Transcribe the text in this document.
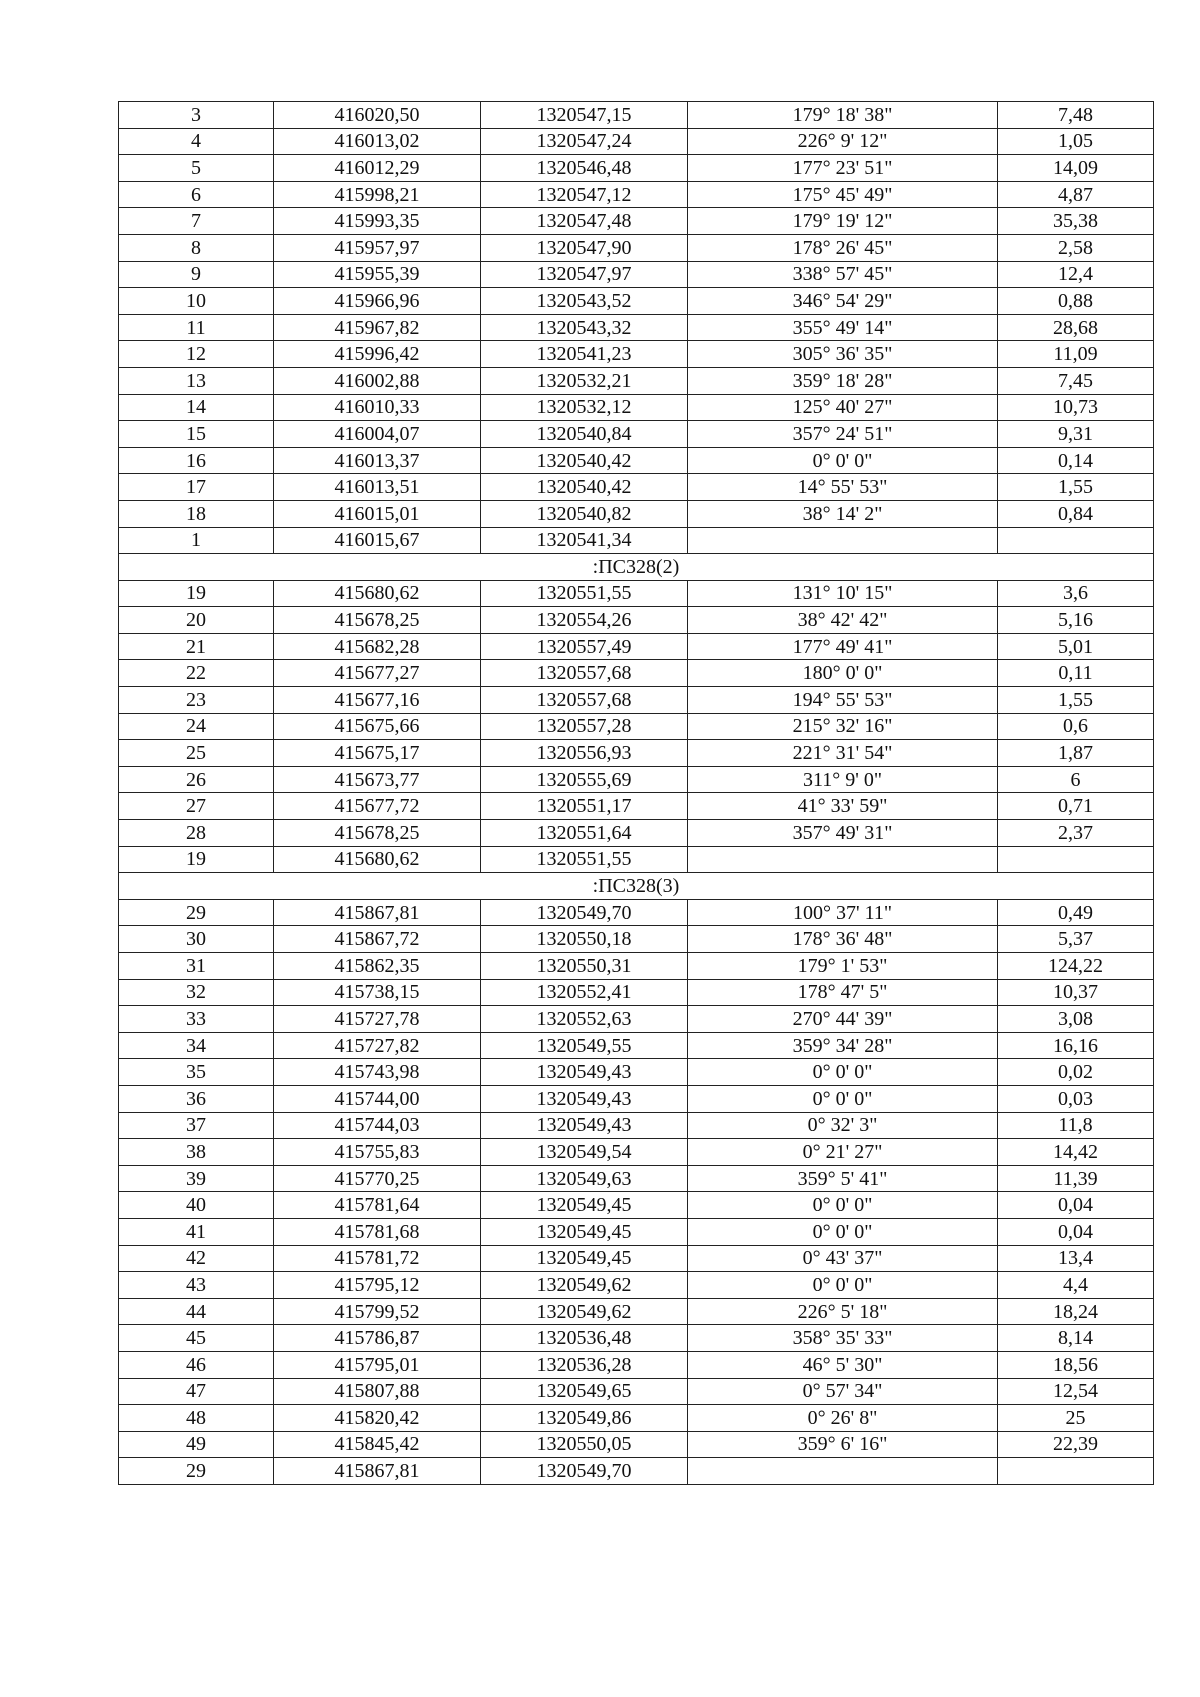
3	416020,50	1320547,15	179° 18' 38"	7,48
4	416013,02	1320547,24	226° 9' 12"	1,05
5	416012,29	1320546,48	177° 23' 51"	14,09
6	415998,21	1320547,12	175° 45' 49"	4,87
7	415993,35	1320547,48	179° 19' 12"	35,38
8	415957,97	1320547,90	178° 26' 45"	2,58
9	415955,39	1320547,97	338° 57' 45"	12,4
10	415966,96	1320543,52	346° 54' 29"	0,88
11	415967,82	1320543,32	355° 49' 14"	28,68
12	415996,42	1320541,23	305° 36' 35"	11,09
13	416002,88	1320532,21	359° 18' 28"	7,45
14	416010,33	1320532,12	125° 40' 27"	10,73
15	416004,07	1320540,84	357° 24' 51"	9,31
16	416013,37	1320540,42	0° 0' 0"	0,14
17	416013,51	1320540,42	14° 55' 53"	1,55
18	416015,01	1320540,82	38° 14' 2"	0,84
1	416015,67	1320541,34		
:ПС328(2)				
19	415680,62	1320551,55	131° 10' 15"	3,6
20	415678,25	1320554,26	38° 42' 42"	5,16
21	415682,28	1320557,49	177° 49' 41"	5,01
22	415677,27	1320557,68	180° 0' 0"	0,11
23	415677,16	1320557,68	194° 55' 53"	1,55
24	415675,66	1320557,28	215° 32' 16"	0,6
25	415675,17	1320556,93	221° 31' 54"	1,87
26	415673,77	1320555,69	311° 9' 0"	6
27	415677,72	1320551,17	41° 33' 59"	0,71
28	415678,25	1320551,64	357° 49' 31"	2,37
19	415680,62	1320551,55		
:ПС328(3)				
29	415867,81	1320549,70	100° 37' 11"	0,49
30	415867,72	1320550,18	178° 36' 48"	5,37
31	415862,35	1320550,31	179° 1' 53"	124,22
32	415738,15	1320552,41	178° 47' 5"	10,37
33	415727,78	1320552,63	270° 44' 39"	3,08
34	415727,82	1320549,55	359° 34' 28"	16,16
35	415743,98	1320549,43	0° 0' 0"	0,02
36	415744,00	1320549,43	0° 0' 0"	0,03
37	415744,03	1320549,43	0° 32' 3"	11,8
38	415755,83	1320549,54	0° 21' 27"	14,42
39	415770,25	1320549,63	359° 5' 41"	11,39
40	415781,64	1320549,45	0° 0' 0"	0,04
41	415781,68	1320549,45	0° 0' 0"	0,04
42	415781,72	1320549,45	0° 43' 37"	13,4
43	415795,12	1320549,62	0° 0' 0"	4,4
44	415799,52	1320549,62	226° 5' 18"	18,24
45	415786,87	1320536,48	358° 35' 33"	8,14
46	415795,01	1320536,28	46° 5' 30"	18,56
47	415807,88	1320549,65	0° 57' 34"	12,54
48	415820,42	1320549,86	0° 26' 8"	25
49	415845,42	1320550,05	359° 6' 16"	22,39
29	415867,81	1320549,70		
